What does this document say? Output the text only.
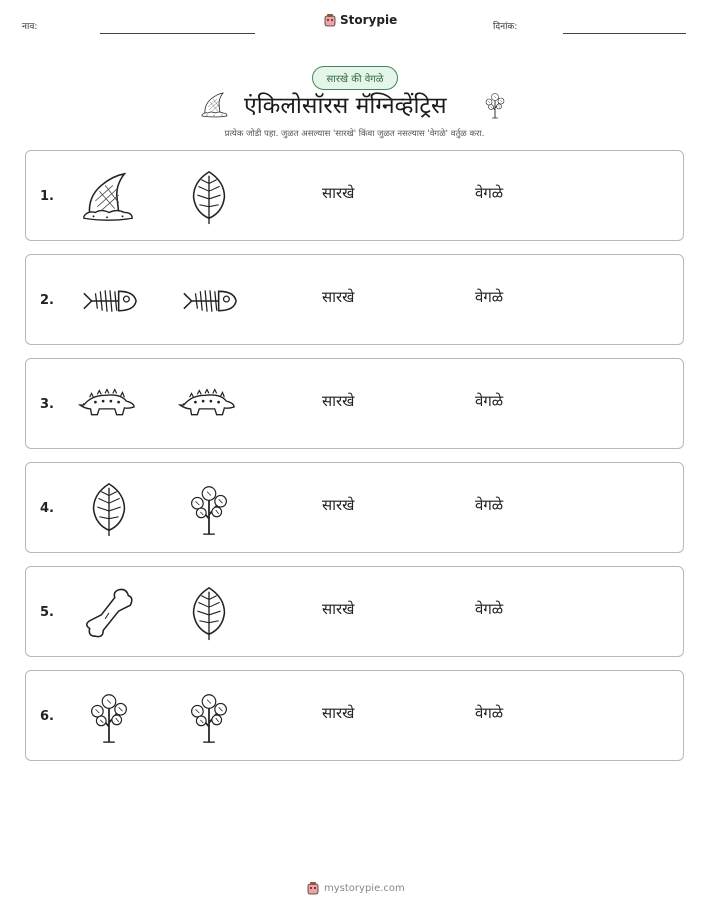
नाव:	Storypie	दिनांक:
सारखे की वेगळे
एंकिलोसॉरस मॅग्निव्हेंट्रिस
प्रत्येक जोडी पहा. जुळत असल्यास 'सारखे' किंवा जुळत नसल्यास 'वेगळे' वर्तुळ करा.
1.	सारखे	वेगळे
2.	सारखे	वेगळे
3.	सारखे	वेगळे
4.	सारखे	वेगळे
5.	सारखे	वेगळे
6.	सारखे	वेगळे
mystorypie.com
